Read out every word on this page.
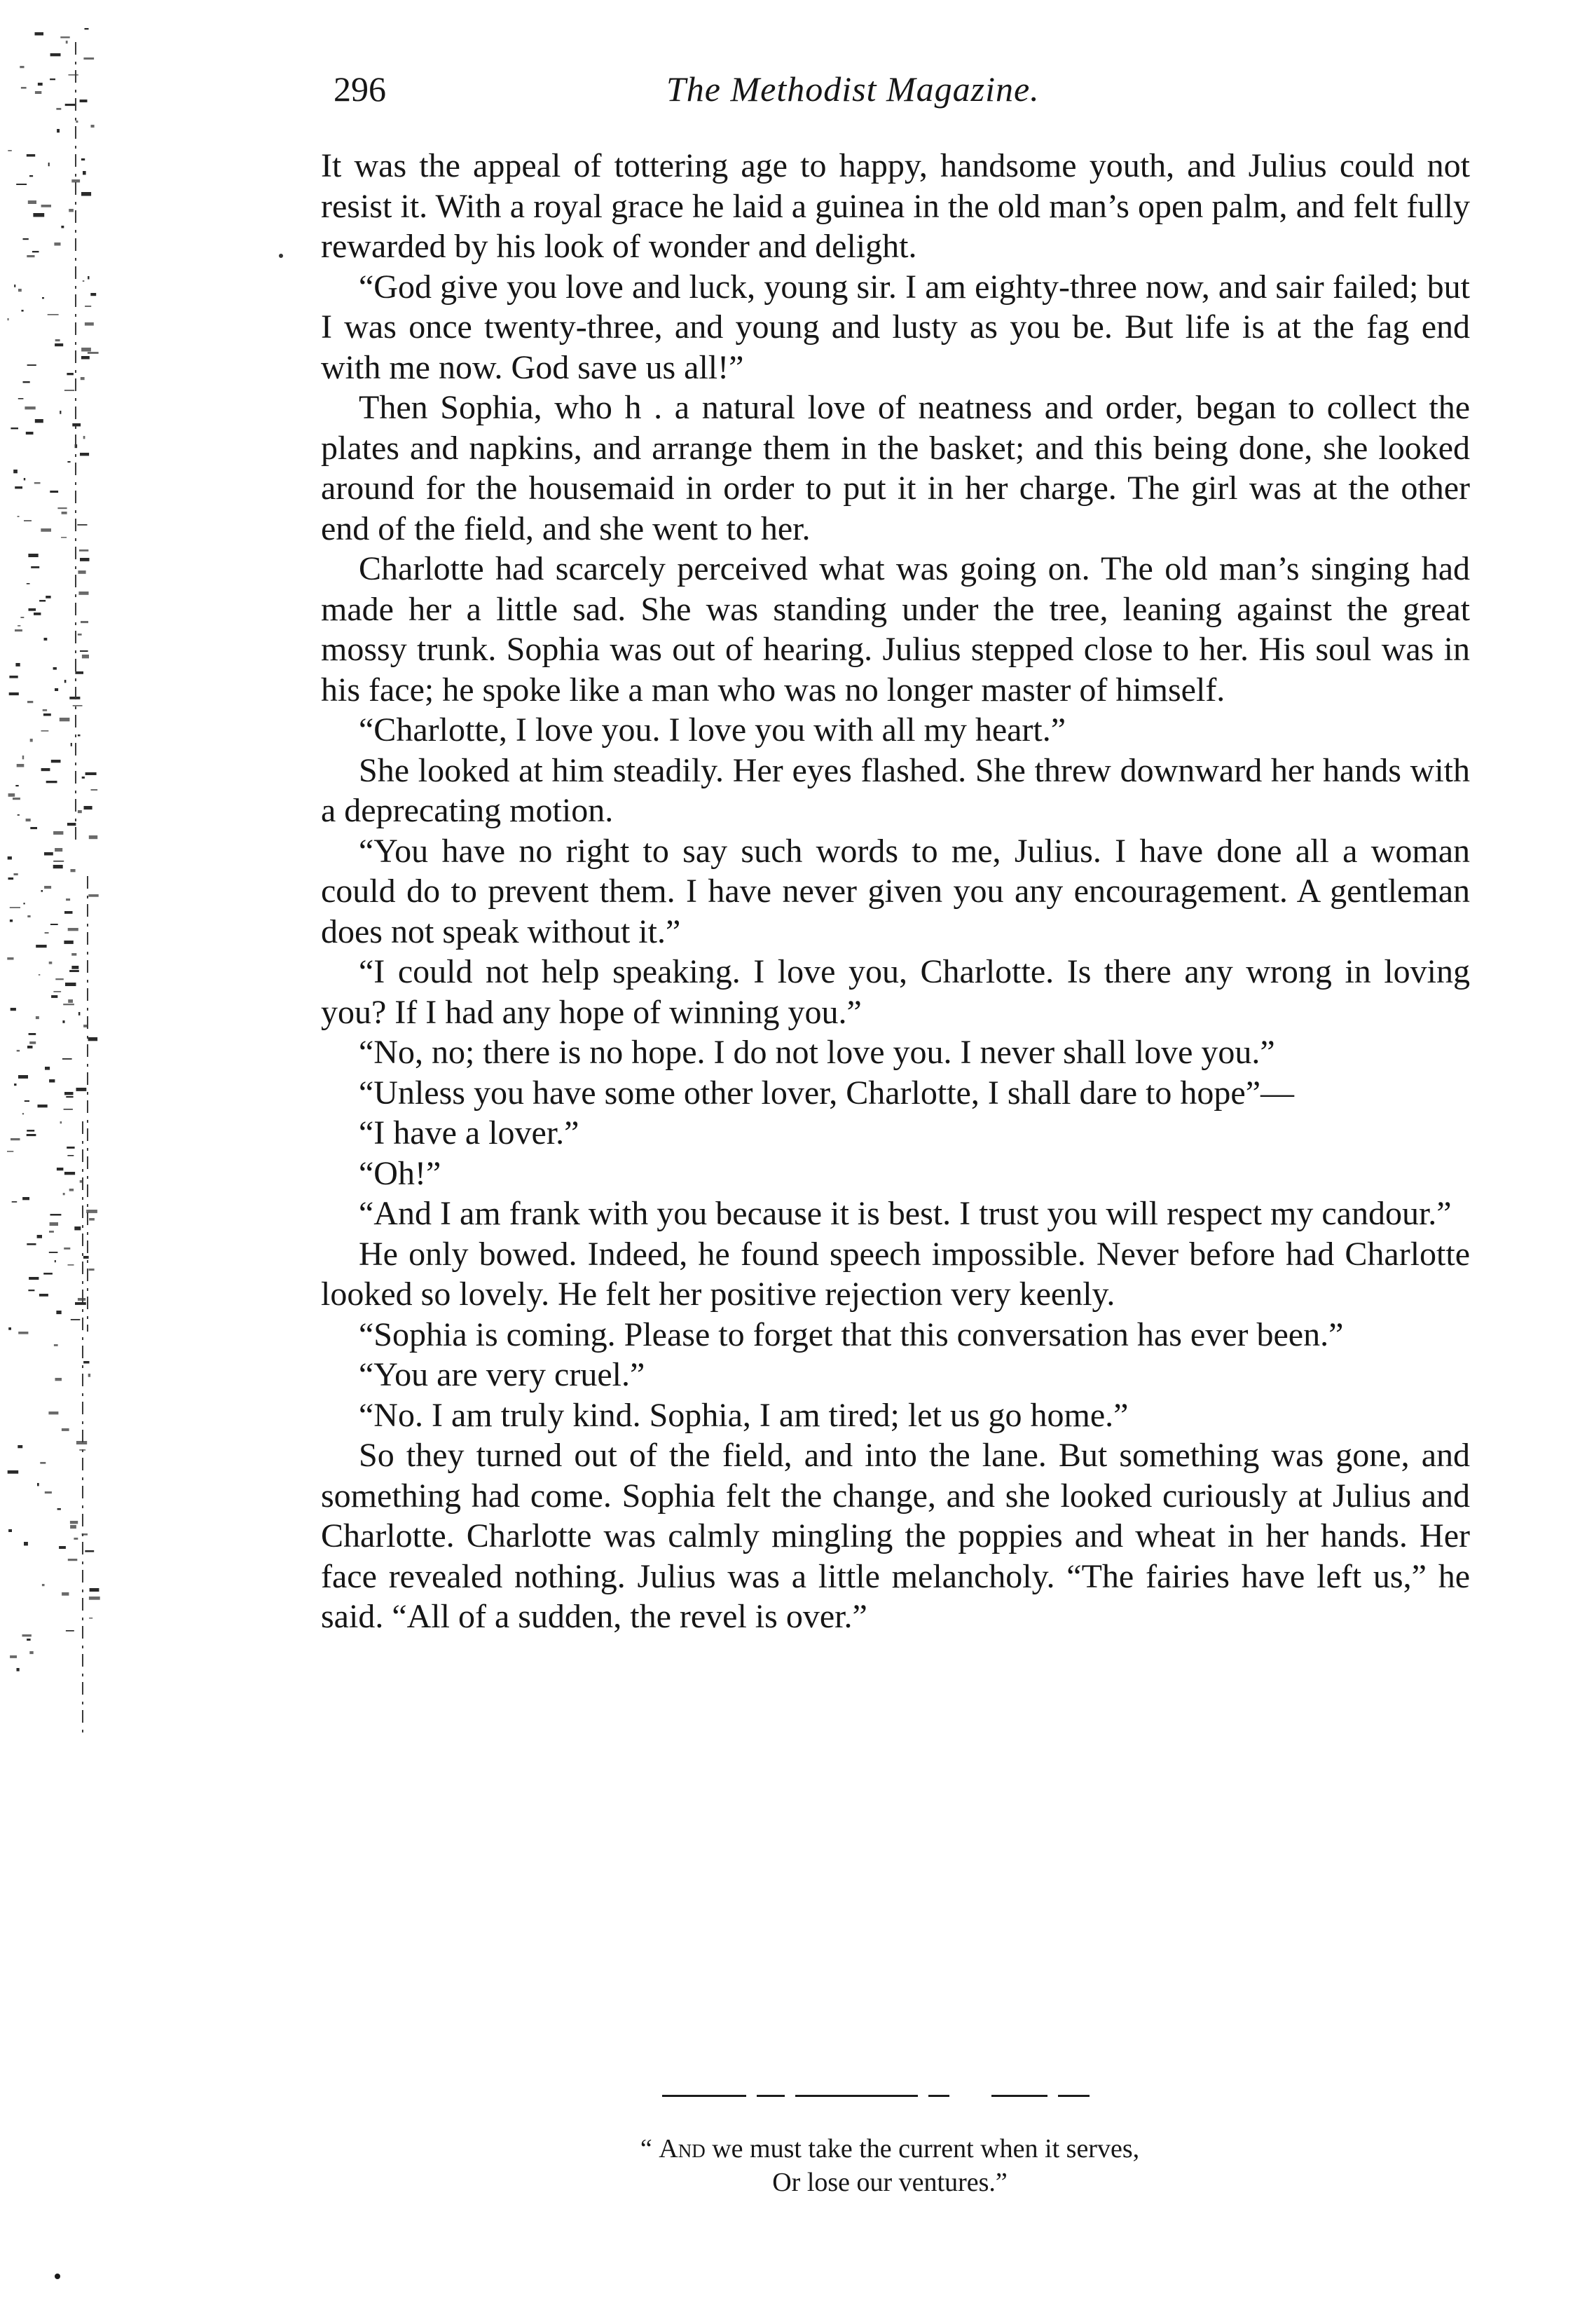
296	The Methodist Magazine.

It was the appeal of tottering age to happy, handsome youth, and Julius could not resist it. With a royal grace he laid a guinea in the old man’s open palm, and felt fully rewarded by his look of wonder and delight.

“God give you love and luck, young sir. I am eighty-three now, and sair failed; but I was once twenty-three, and young and lusty as you be. But life is at the fag end with me now. God save us all!”

Then Sophia, who h . a natural love of neatness and order, began to collect the plates and napkins, and arrange them in the basket; and this being done, she looked around for the housemaid in order to put it in her charge. The girl was at the other end of the field, and she went to her.

Charlotte had scarcely perceived what was going on. The old man’s singing had made her a little sad. She was standing under the tree, leaning against the great mossy trunk. Sophia was out of hearing. Julius stepped close to her. His soul was in his face; he spoke like a man who was no longer master of himself.

“Charlotte, I love you. I love you with all my heart.”

She looked at him steadily. Her eyes flashed. She threw downward her hands with a deprecating motion.

“You have no right to say such words to me, Julius. I have done all a woman could do to prevent them. I have never given you any encouragement. A gentleman does not speak without it.”

“I could not help speaking. I love you, Charlotte. Is there any wrong in loving you? If I had any hope of winning you.”

“No, no; there is no hope. I do not love you. I never shall love you.”

“Unless you have some other lover, Charlotte, I shall dare to hope”—

“I have a lover.”

“Oh!”

“And I am frank with you because it is best. I trust you will respect my candour.”

He only bowed. Indeed, he found speech impossible. Never before had Charlotte looked so lovely. He felt her positive rejection very keenly.

“Sophia is coming. Please to forget that this conversation has ever been.”

“You are very cruel.”

“No. I am truly kind. Sophia, I am tired; let us go home.”

So they turned out of the field, and into the lane. But something was gone, and something had come. Sophia felt the change, and she looked curiously at Julius and Charlotte. Charlotte was calmly mingling the poppies and wheat in her hands. Her face revealed nothing. Julius was a little melancholy. “The fairies have left us,” he said. “All of a sudden, the revel is over.”

“ And we must take the current when it serves,
Or lose our ventures.”
